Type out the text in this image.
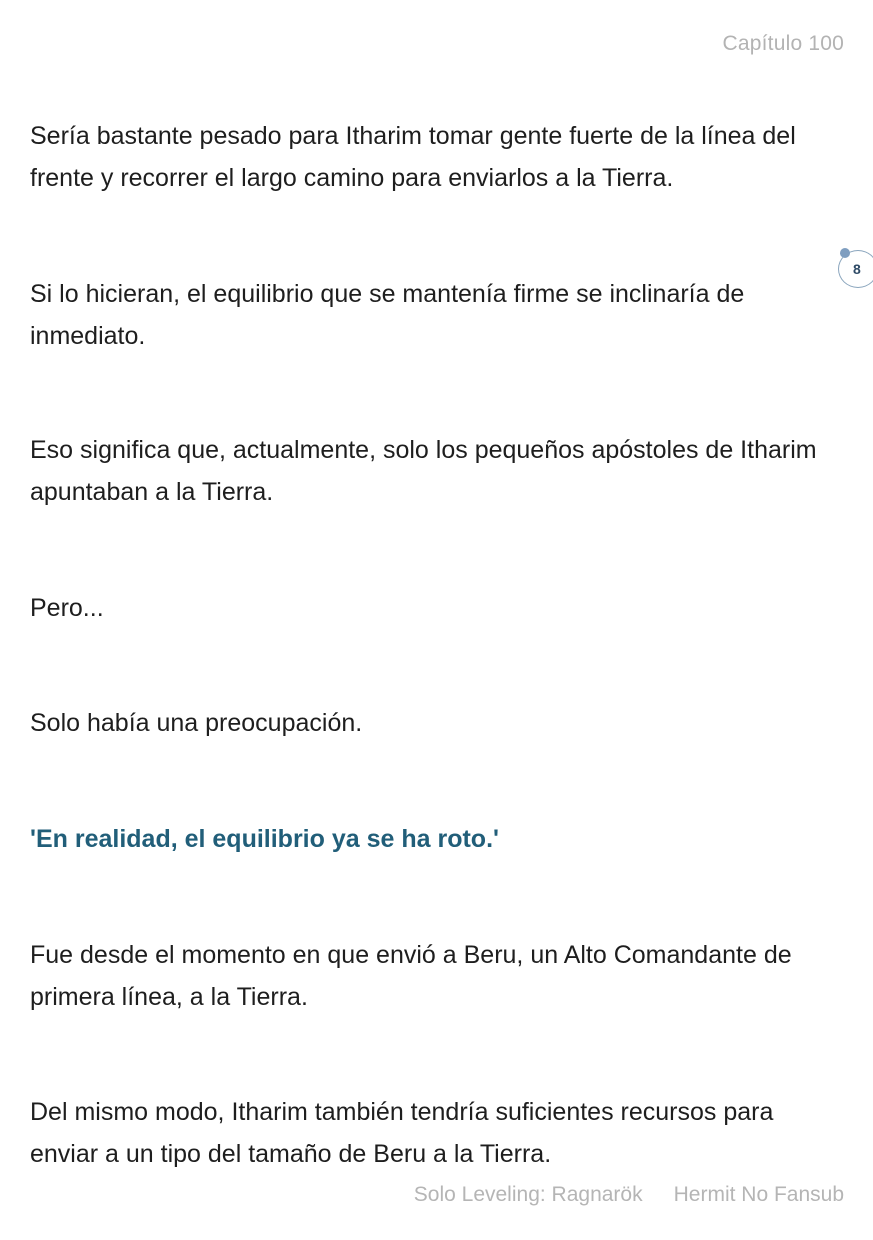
Capítulo 100

Sería bastante pesado para Itharim tomar gente fuerte de la línea del frente y recorrer el largo camino para enviarlos a la Tierra.

8

Si lo hicieran, el equilibrio que se mantenía firme se inclinaría de inmediato.

Eso significa que, actualmente, solo los pequeños apóstoles de Itharim apuntaban a la Tierra.

Pero...

Solo había una preocupación.

'En realidad, el equilibrio ya se ha roto.'

Fue desde el momento en que envió a Beru, un Alto Comandante de primera línea, a la Tierra.

Del mismo modo, Itharim también tendría suficientes recursos para enviar a un tipo del tamaño de Beru a la Tierra.

Solo Leveling: Ragnarök Hermit No Fansub
